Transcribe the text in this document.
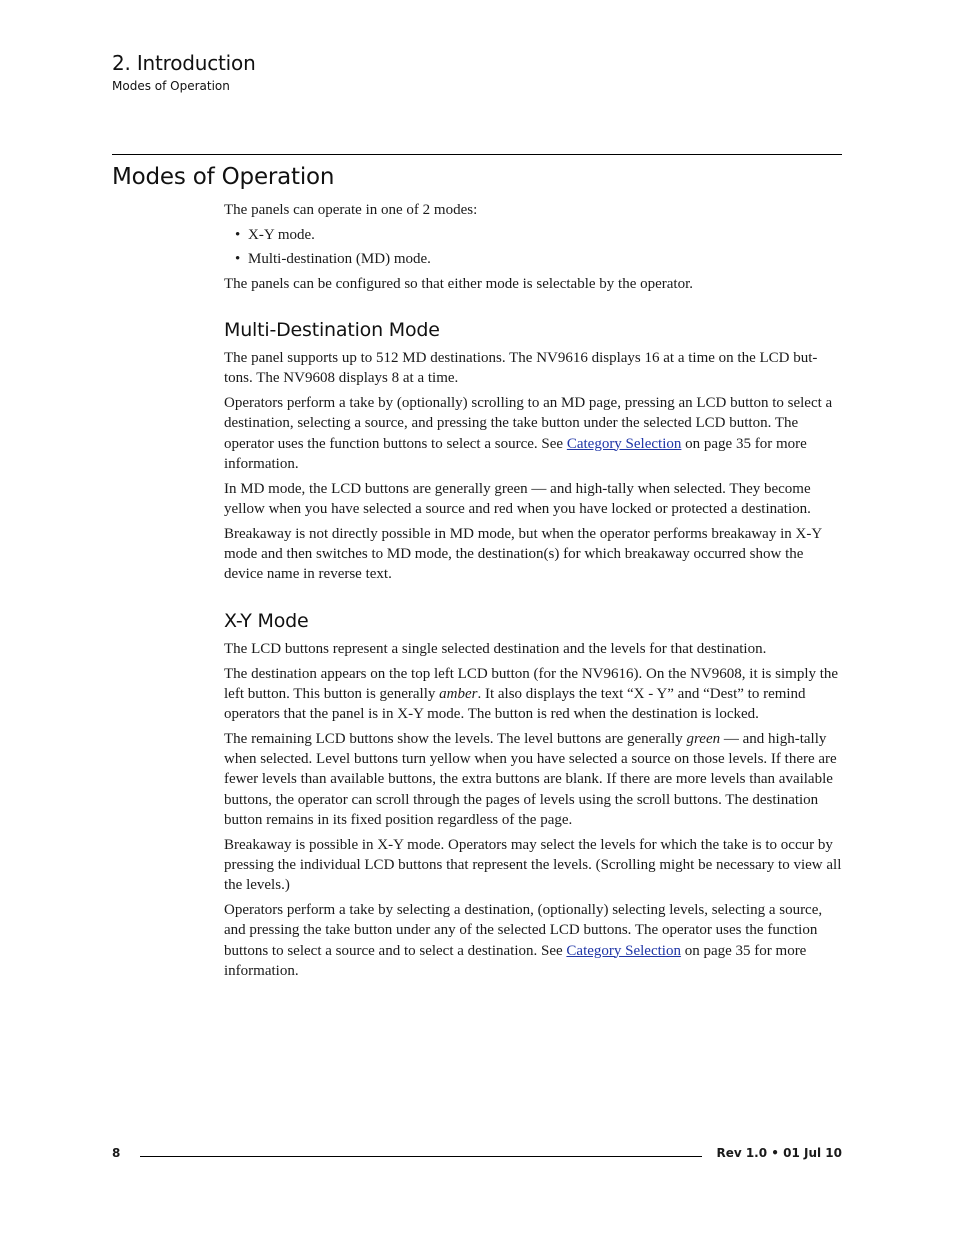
2. Introduction
Modes of Operation
Modes of Operation

The panels can operate in one of 2 modes:

• X-Y mode.
• Multi-destination (MD) mode.

The panels can be configured so that either mode is selectable by the operator.

Multi-Destination Mode

The panel supports up to 512 MD destinations. The NV9616 displays 16 at a time on the LCD but-tons. The NV9608 displays 8 at a time.

Operators perform a take by (optionally) scrolling to an MD page, pressing an LCD button to select a destination, selecting a source, and pressing the take button under the selected LCD button. The operator uses the function buttons to select a source. See Category Selection on page 35 for more information.

In MD mode, the LCD buttons are generally green — and high-tally when selected. They become yellow when you have selected a source and red when you have locked or protected a destination.

Breakaway is not directly possible in MD mode, but when the operator performs breakaway in X-Y mode and then switches to MD mode, the destination(s) for which breakaway occurred show the device name in reverse text.

X-Y Mode

The LCD buttons represent a single selected destination and the levels for that destination.

The destination appears on the top left LCD button (for the NV9616). On the NV9608, it is simply the left button. This button is generally amber. It also displays the text “X - Y” and “Dest” to remind operators that the panel is in X-Y mode. The button is red when the destination is locked.

The remaining LCD buttons show the levels. The level buttons are generally green — and high-tally when selected. Level buttons turn yellow when you have selected a source on those levels. If there are fewer levels than available buttons, the extra buttons are blank. If there are more levels than available buttons, the operator can scroll through the pages of levels using the scroll buttons. The destination button remains in its fixed position regardless of the page.

Breakaway is possible in X-Y mode. Operators may select the levels for which the take is to occur by pressing the individual LCD buttons that represent the levels. (Scrolling might be necessary to view all the levels.)

Operators perform a take by selecting a destination, (optionally) selecting levels, selecting a source, and pressing the take button under any of the selected LCD buttons. The operator uses the function buttons to select a source and to select a destination. See Category Selection on page 35 for more information.

8	Rev 1.0 • 01 Jul 10
